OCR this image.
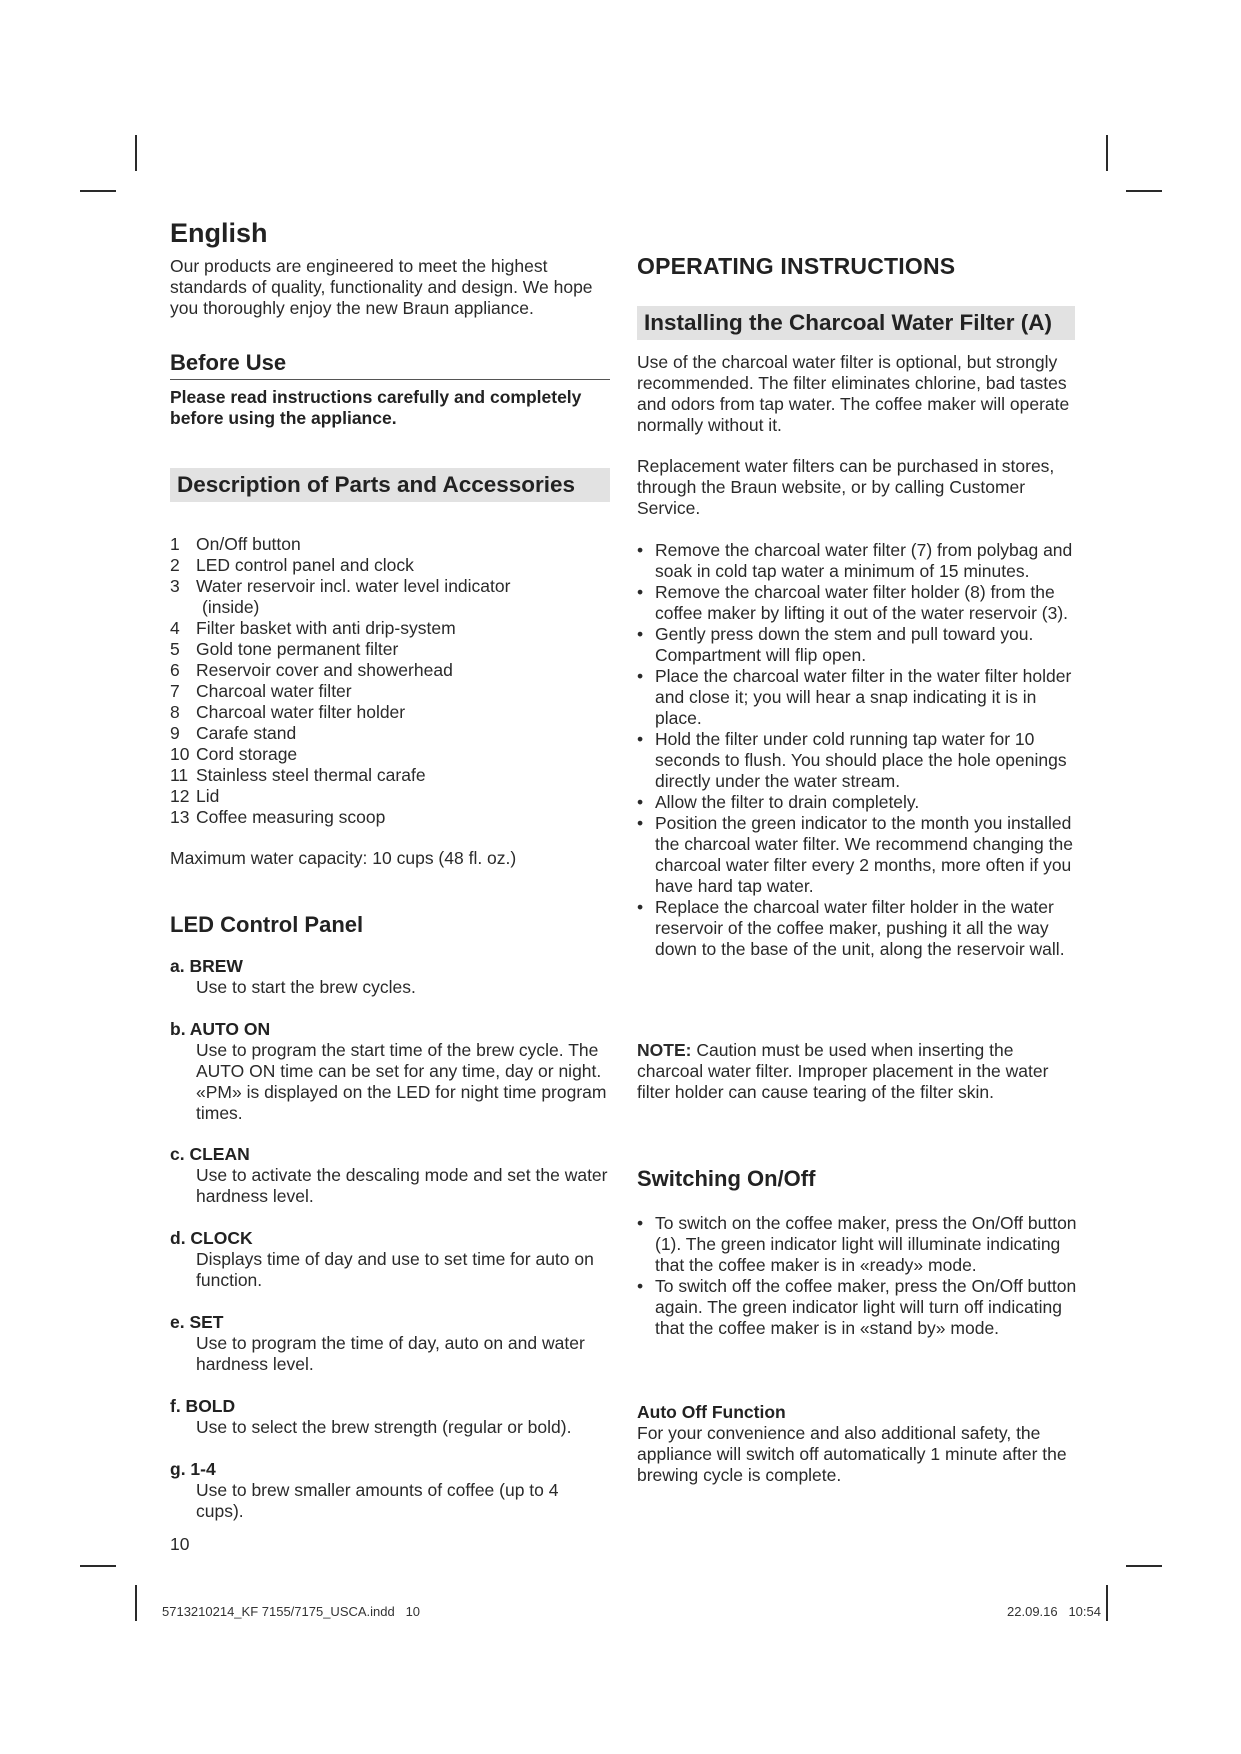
English
Our products are engineered to meet the highest standards of quality, functionality and design. We hope you thoroughly enjoy the new Braun appliance.
Before Use
Please read instructions carefully and completely before using the appliance.
Description of Parts and Accessories
1 On/Off button
2 LED control panel and clock
3 Water reservoir incl. water level indicator
(inside)
4 Filter basket with anti drip-system
5 Gold tone permanent filter
6 Reservoir cover and showerhead
7 Charcoal water filter
8 Charcoal water filter holder
9 Carafe stand
10 Cord storage
11 Stainless steel thermal carafe
12 Lid
13 Coffee measuring scoop
Maximum water capacity: 10 cups (48 fl. oz.)
LED Control Panel
a. BREW
Use to start the brew cycles.
b. AUTO ON
Use to program the start time of the brew cycle. The AUTO ON time can be set for any time, day or night. «PM» is displayed on the LED for night time program times.
c. CLEAN
Use to activate the descaling mode and set the water hardness level.
d. CLOCK
Displays time of day and use to set time for auto on function.
e. SET
Use to program the time of day, auto on and water hardness level.
f. BOLD
Use to select the brew strength (regular or bold).
g. 1-4
Use to brew smaller amounts of coffee (up to 4 cups).
10
OPERATING INSTRUCTIONS
Installing the Charcoal Water Filter (A)
Use of the charcoal water filter is optional, but strongly recommended. The filter eliminates chlorine, bad tastes and odors from tap water. The coffee maker will operate normally without it.
Replacement water filters can be purchased in stores, through the Braun website, or by calling Customer Service.
• Remove the charcoal water filter (7) from polybag and soak in cold tap water a minimum of 15 minutes.
• Remove the charcoal water filter holder (8) from the coffee maker by lifting it out of the water reservoir (3).
• Gently press down the stem and pull toward you. Compartment will flip open.
• Place the charcoal water filter in the water filter holder and close it; you will hear a snap indicating it is in place.
• Hold the filter under cold running tap water for 10 seconds to flush. You should place the hole openings directly under the water stream.
• Allow the filter to drain completely.
• Position the green indicator to the month you installed the charcoal water filter. We recommend changing the charcoal water filter every 2 months, more often if you have hard tap water.
• Replace the charcoal water filter holder in the water reservoir of the coffee maker, pushing it all the way down to the base of the unit, along the reservoir wall.
NOTE: Caution must be used when inserting the charcoal water filter. Improper placement in the water filter holder can cause tearing of the filter skin.
Switching On/Off
• To switch on the coffee maker, press the On/Off button (1). The green indicator light will illuminate indicating that the coffee maker is in «ready» mode.
• To switch off the coffee maker, press the On/Off button again. The green indicator light will turn off indicating that the coffee maker is in «stand by» mode.
Auto Off Function
For your convenience and also additional safety, the appliance will switch off automatically 1 minute after the brewing cycle is complete.
5713210214_KF 7155/7175_USCA.indd   10	22.09.16   10:54
